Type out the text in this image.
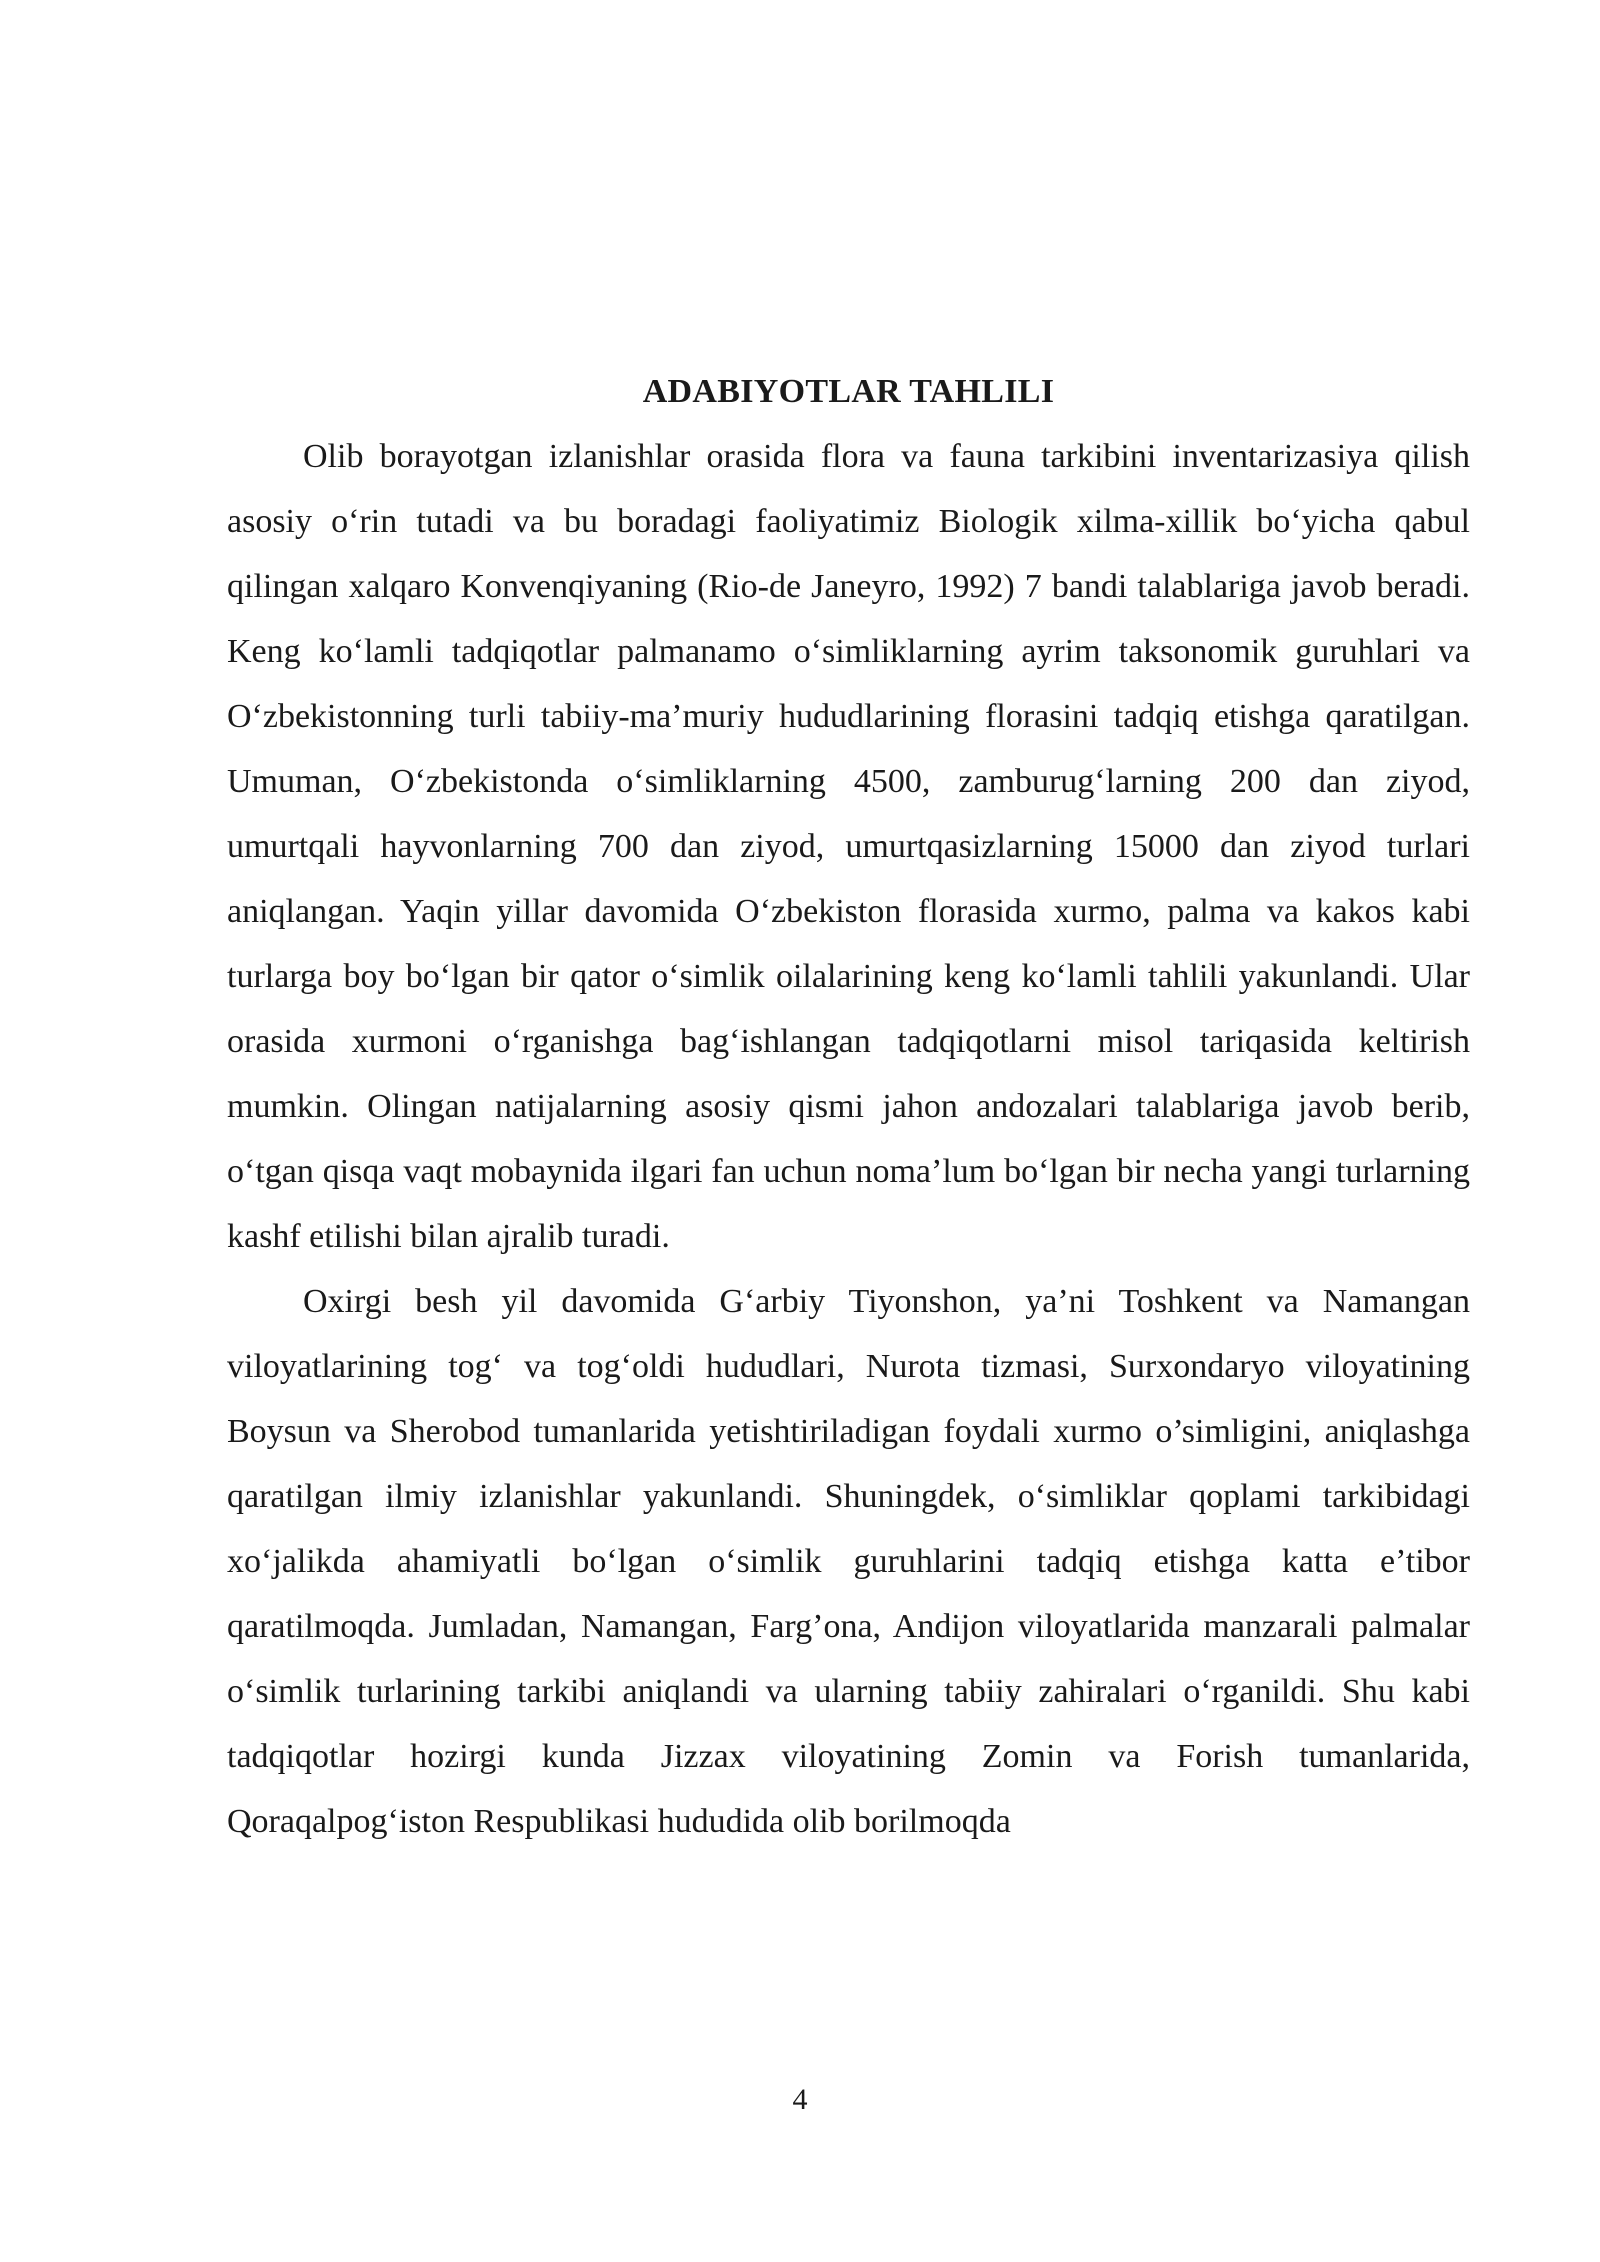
ADABIYOTLAR TAHLILI

Olib borayotgan izlanishlar orasida flora va fauna tarkibini inventarizasiya qilish asosiy o‘rin tutadi va bu boradagi faoliyatimiz Biologik xilma-xillik bo‘yicha qabul qilingan xalqaro Konvenqiyaning (Rio-de Janeyro, 1992) 7 bandi talablariga javob beradi. Keng ko‘lamli tadqiqotlar palmanamo o‘simliklarning ayrim taksonomik guruhlari va O‘zbekistonning turli tabiiy-ma’muriy hududlarining florasini tadqiq etishga qaratilgan. Umuman, O‘zbekistonda o‘simliklarning 4500, zamburug‘larning 200 dan ziyod, umurtqali hayvonlarning 700 dan ziyod, umurtqasizlarning 15000 dan ziyod turlari aniqlangan. Yaqin yillar davomida O‘zbekiston florasida xurmo, palma va kakos kabi turlarga boy bo‘lgan bir qator o‘simlik oilalarining keng ko‘lamli tahlili yakunlandi. Ular orasida xurmoni o‘rganishga bag‘ishlangan tadqiqotlarni misol tariqasida keltirish mumkin. Olingan natijalarning asosiy qismi jahon andozalari talablariga javob berib, o‘tgan qisqa vaqt mobaynida ilgari fan uchun noma’lum bo‘lgan bir necha yangi turlarning kashf etilishi bilan ajralib turadi.

Oxirgi besh yil davomida G‘arbiy Tiyonshon, ya’ni Toshkent va Namangan viloyatlarining tog‘ va tog‘oldi hududlari, Nurota tizmasi, Surxondaryo viloyatining Boysun va Sherobod tumanlarida yetishtiriladigan foydali xurmo o’simligini, aniqlashga qaratilgan ilmiy izlanishlar yakunlandi. Shuningdek, o‘simliklar qoplami tarkibidagi xo‘jalikda ahamiyatli bo‘lgan o‘simlik guruhlarini tadqiq etishga katta e’tibor qaratilmoqda. Jumladan, Namangan, Farg’ona, Andijon viloyatlarida manzarali palmalar o‘simlik turlarining tarkibi aniqlandi va ularning tabiiy zahiralari o‘rganildi. Shu kabi tadqiqotlar hozirgi kunda Jizzax viloyatining Zomin va Forish tumanlarida, Qoraqalpog‘iston Respublikasi hududida olib borilmoqda

4
